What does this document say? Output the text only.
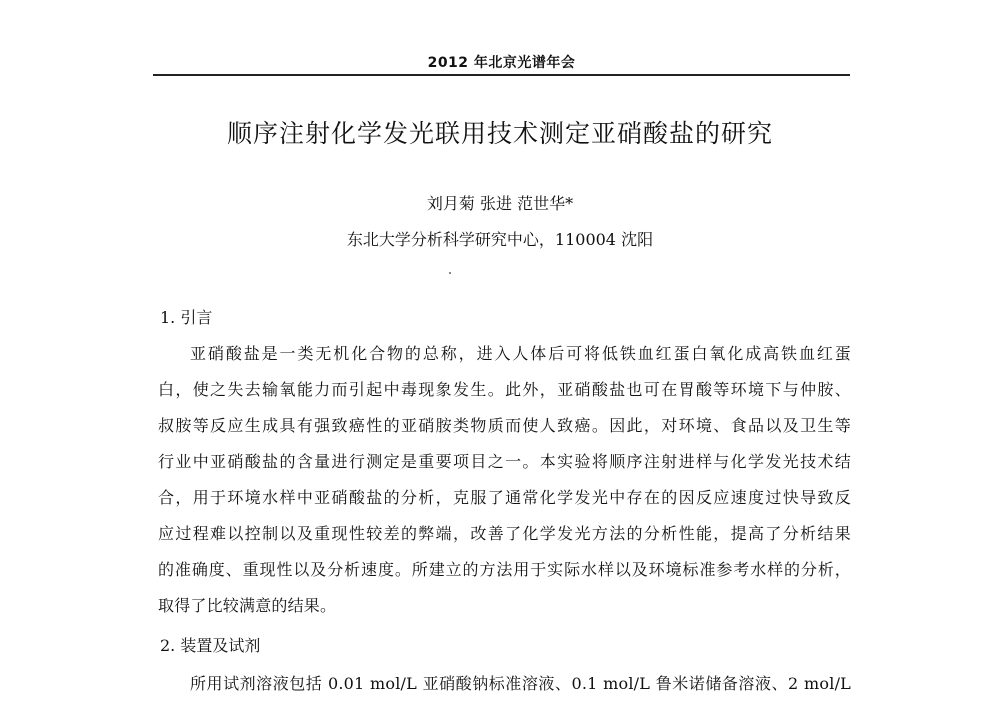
2012 年北京光谱年会
顺序注射化学发光联用技术测定亚硝酸盐的研究
刘月菊 张进 范世华*
东北大学分析科学研究中心，110004 沈阳
1. 引言
亚硝酸盐是一类无机化合物的总称，进入人体后可将低铁血红蛋白氧化成高铁血红蛋
白，使之失去输氧能力而引起中毒现象发生。此外，亚硝酸盐也可在胃酸等环境下与仲胺、
叔胺等反应生成具有强致癌性的亚硝胺类物质而使人致癌。因此，对环境、食品以及卫生等
行业中亚硝酸盐的含量进行测定是重要项目之一。本实验将顺序注射进样与化学发光技术结
合，用于环境水样中亚硝酸盐的分析，克服了通常化学发光中存在的因反应速度过快导致反
应过程难以控制以及重现性较差的弊端，改善了化学发光方法的分析性能，提高了分析结果
的准确度、重现性以及分析速度。所建立的方法用于实际水样以及环境标准参考水样的分析，
取得了比较满意的结果。
2. 装置及试剂
所用试剂溶液包括 0.01 mol/L 亚硝酸钠标准溶液、0.1 mol/L 鲁米诺储备溶液、2 mol/L
